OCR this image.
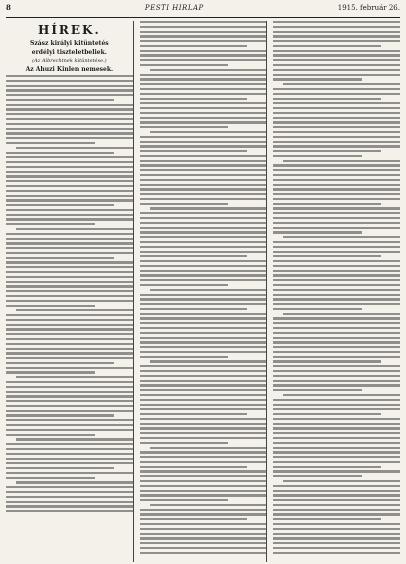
8	PESTI HIRLAP	1915. február 26.
HÍREK.
Szász királyi kitüntetés
erdélyi tiszteletbeliek.
(Az Albrechtnek kitüntetése.)
Az Ahuzi Kinlen nemesek.
